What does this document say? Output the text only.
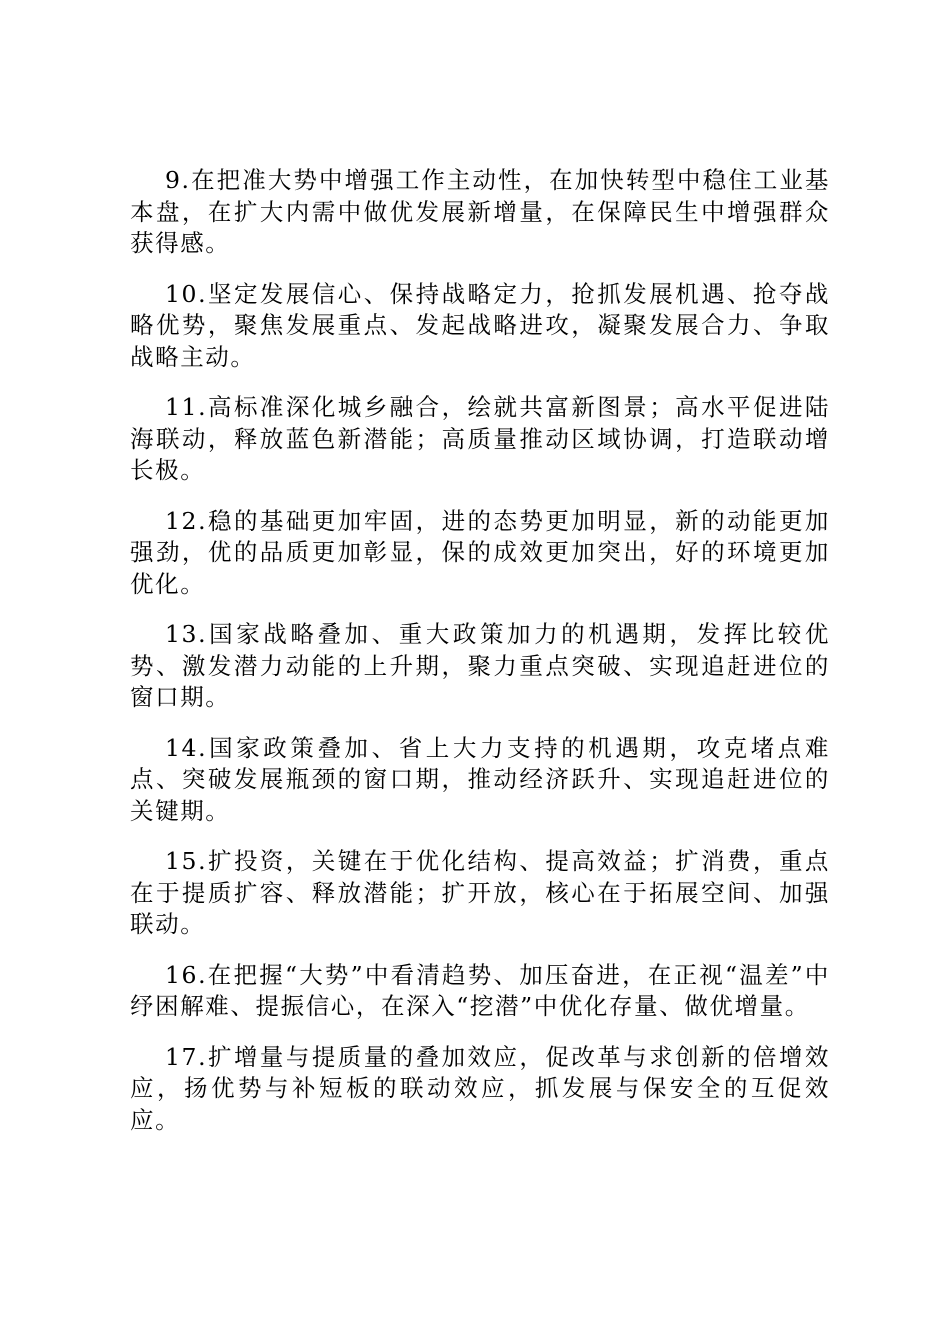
9.在把准大势中增强工作主动性，在加快转型中稳住工业基本盘，在扩大内需中做优发展新增量，在保障民生中增强群众获得感。

10.坚定发展信心、保持战略定力，抢抓发展机遇、抢夺战略优势，聚焦发展重点、发起战略进攻，凝聚发展合力、争取战略主动。

11.高标准深化城乡融合，绘就共富新图景；高水平促进陆海联动，释放蓝色新潜能；高质量推动区域协调，打造联动增长极。

12.稳的基础更加牢固，进的态势更加明显，新的动能更加强劲，优的品质更加彰显，保的成效更加突出，好的环境更加优化。

13.国家战略叠加、重大政策加力的机遇期，发挥比较优势、激发潜力动能的上升期，聚力重点突破、实现追赶进位的窗口期。

14.国家政策叠加、省上大力支持的机遇期，攻克堵点难点、突破发展瓶颈的窗口期，推动经济跃升、实现追赶进位的关键期。

15.扩投资，关键在于优化结构、提高效益；扩消费，重点在于提质扩容、释放潜能；扩开放，核心在于拓展空间、加强联动。

16.在把握“大势”中看清趋势、加压奋进，在正视“温差”中纾困解难、提振信心，在深入“挖潜”中优化存量、做优增量。

17.扩增量与提质量的叠加效应，促改革与求创新的倍增效应，扬优势与补短板的联动效应，抓发展与保安全的互促效应。
